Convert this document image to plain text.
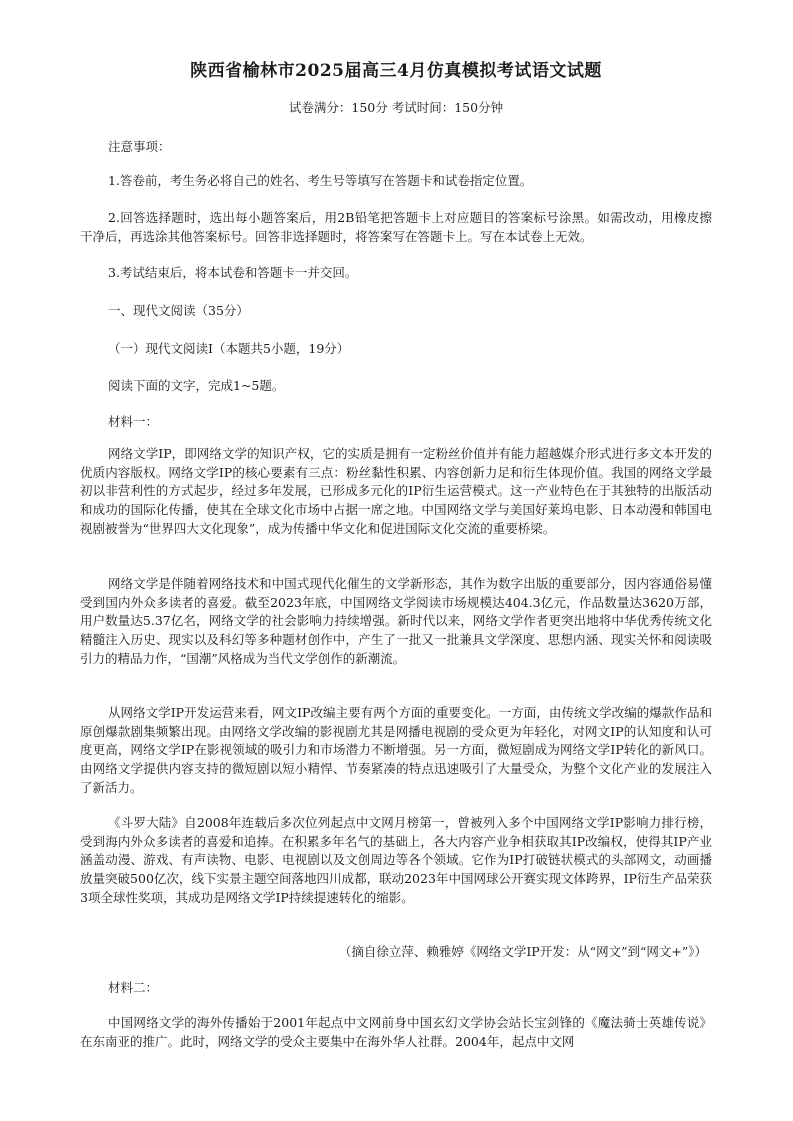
陕西省榆林市2025届高三4月仿真模拟考试语文试题
试卷满分：150分 考试时间：150分钟
注意事项：
1.答卷前，考生务必将自己的姓名、考生号等填写在答题卡和试卷指定位置。
2.回答选择题时，选出每小题答案后，用2B铅笔把答题卡上对应题目的答案标号涂黑。如需改动，用橡皮擦干净后，再选涂其他答案标号。回答非选择题时，将答案写在答题卡上。写在本试卷上无效。
3.考试结束后，将本试卷和答题卡一并交回。
一、现代文阅读（35分）
（一）现代文阅读Ⅰ（本题共5小题，19分）
阅读下面的文字，完成1~5题。
材料一：
网络文学IP，即网络文学的知识产权，它的实质是拥有一定粉丝价值并有能力超越媒介形式进行多文本开发的优质内容版权。网络文学IP的核心要素有三点：粉丝黏性积累、内容创新力足和衍生体现价值。我国的网络文学最初以非营利性的方式起步，经过多年发展，已形成多元化的IP衍生运营模式。这一产业特色在于其独特的出版活动和成功的国际化传播，使其在全球文化市场中占据一席之地。中国网络文学与美国好莱坞电影、日本动漫和韩国电视剧被誉为“世界四大文化现象”，成为传播中华文化和促进国际文化交流的重要桥梁。
网络文学是伴随着网络技术和中国式现代化催生的文学新形态，其作为数字出版的重要部分，因内容通俗易懂受到国内外众多读者的喜爱。截至2023年底，中国网络文学阅读市场规模达404.3亿元，作品数量达3620万部，用户数量达5.37亿名，网络文学的社会影响力持续增强。新时代以来，网络文学作者更突出地将中华优秀传统文化精髓注入历史、现实以及科幻等多种题材创作中，产生了一批又一批兼具文学深度、思想内涵、现实关怀和阅读吸引力的精品力作，“国潮”风格成为当代文学创作的新潮流。
从网络文学IP开发运营来看，网文IP改编主要有两个方面的重要变化。一方面，由传统文学改编的爆款作品和原创爆款剧集频繁出现。由网络文学改编的影视剧尤其是网播电视剧的受众更为年轻化，对网文IP的认知度和认可度更高，网络文学IP在影视领域的吸引力和市场潜力不断增强。另一方面，微短剧成为网络文学IP转化的新风口。由网络文学提供内容支持的微短剧以短小精悍、节奏紧凑的特点迅速吸引了大量受众，为整个文化产业的发展注入了新活力。
《斗罗大陆》自2008年连载后多次位列起点中文网月榜第一，曾被列入多个中国网络文学IP影响力排行榜，受到海内外众多读者的喜爱和追捧。在积累多年名气的基础上，各大内容产业争相获取其IP改编权，使得其IP产业涵盖动漫、游戏、有声读物、电影、电视剧以及文创周边等各个领域。它作为IP打破链状模式的头部网文，动画播放量突破500亿次，线下实景主题空间落地四川成都，联动2023年中国网球公开赛实现文体跨界，IP衍生产品荣获3项全球性奖项，其成功是网络文学IP持续提速转化的缩影。
（摘自徐立萍、赖雅婷《网络文学IP开发：从“网文”到“网文+”》）
材料二：
中国网络文学的海外传播始于2001年起点中文网前身中国玄幻文学协会站长宝剑锋的《魔法骑士英雄传说》在东南亚的推广。此时，网络文学的受众主要集中在海外华人社群。2004年，起点中文网
